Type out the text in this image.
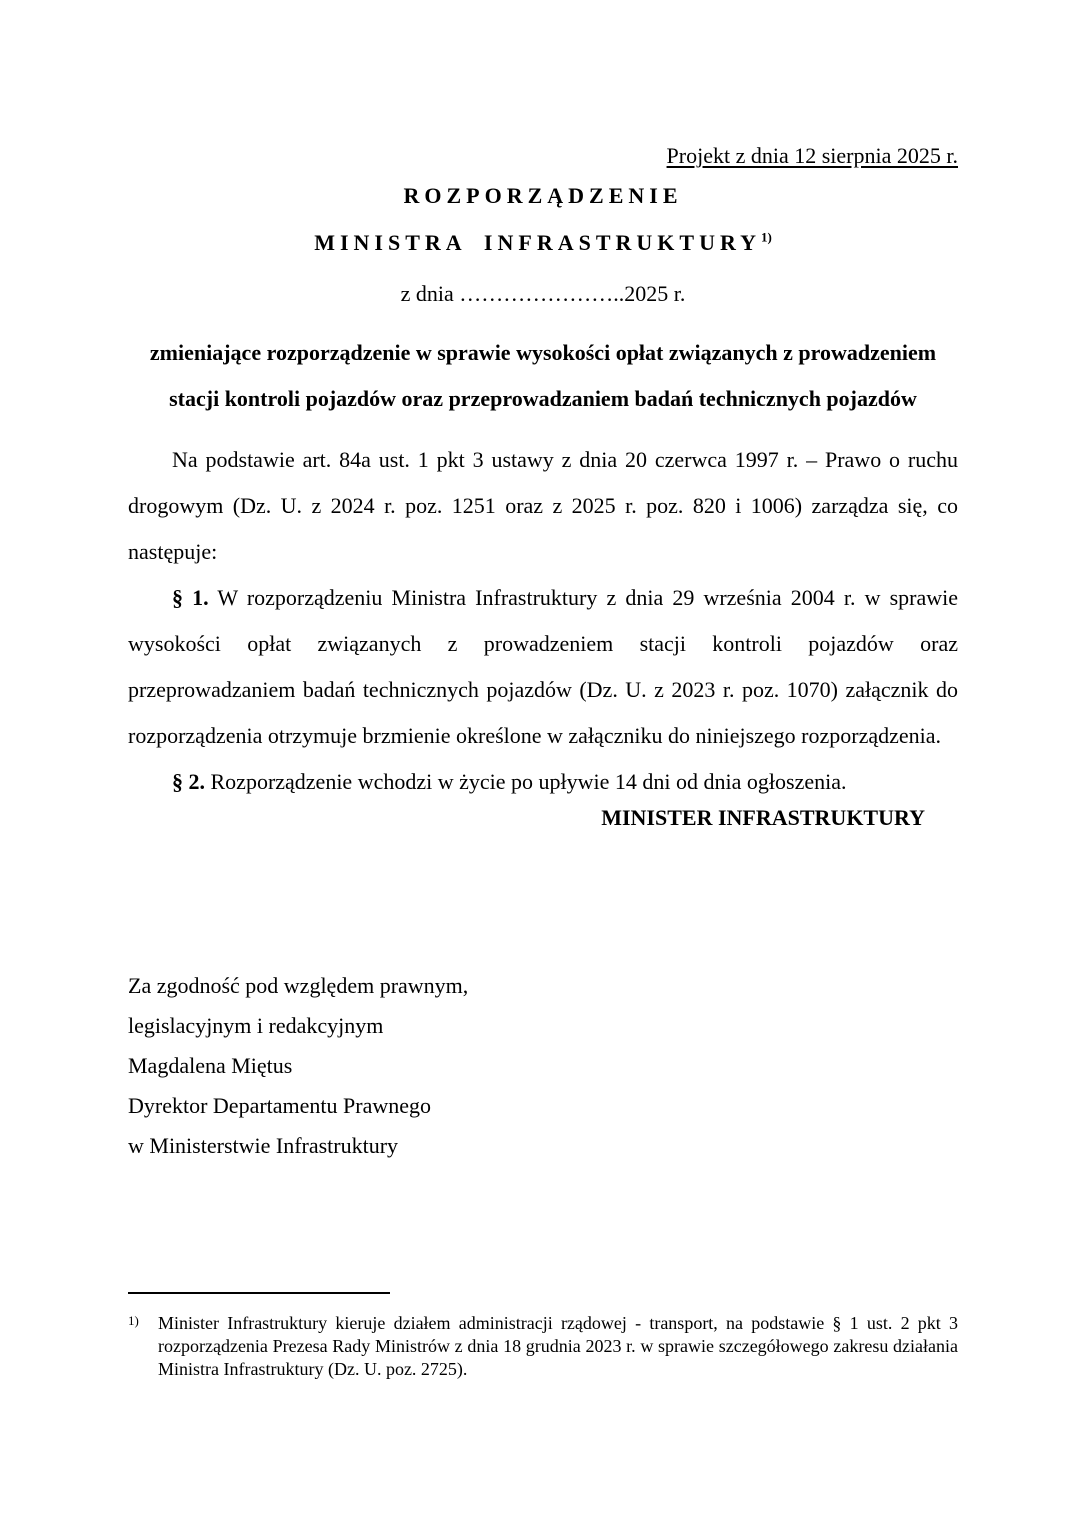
Projekt z dnia 12 sierpnia 2025 r.

ROZPORZĄDZENIE
MINISTRA INFRASTRUKTURY$^{1)}$

z dnia …………………..2025 r.

zmieniające rozporządzenie w sprawie wysokości opłat związanych z prowadzeniem stacji kontroli pojazdów oraz przeprowadzaniem badań technicznych pojazdów

Na podstawie art. 84a ust. 1 pkt 3 ustawy z dnia 20 czerwca 1997 r. – Prawo o ruchu drogowym (Dz. U. z 2024 r. poz. 1251 oraz z 2025 r. poz. 820 i 1006) zarządza się, co następuje:

§ 1. W rozporządzeniu Ministra Infrastruktury z dnia 29 września 2004 r. w sprawie wysokości opłat związanych z prowadzeniem stacji kontroli pojazdów oraz przeprowadzaniem badań technicznych pojazdów (Dz. U. z 2023 r. poz. 1070) załącznik do rozporządzenia otrzymuje brzmienie określone w załączniku do niniejszego rozporządzenia.

§ 2. Rozporządzenie wchodzi w życie po upływie 14 dni od dnia ogłoszenia.

MINISTER INFRASTRUKTURY
Za zgodność pod względem prawnym,
legislacyjnym i redakcyjnym
Magdalena Miętus
Dyrektor Departamentu Prawnego
w Ministerstwie Infrastruktury
1)	Minister Infrastruktury kieruje działem administracji rządowej - transport, na podstawie § 1 ust. 2 pkt 3 rozporządzenia Prezesa Rady Ministrów z dnia 18 grudnia 2023 r. w sprawie szczegółowego zakresu działania Ministra Infrastruktury (Dz. U. poz. 2725).
